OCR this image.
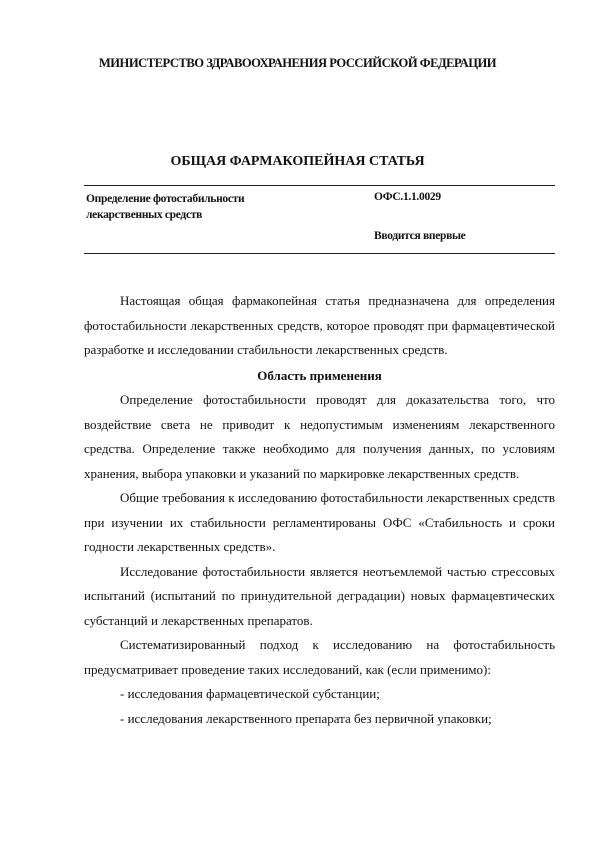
МИНИСТЕРСТВО ЗДРАВООХРАНЕНИЯ РОССИЙСКОЙ ФЕДЕРАЦИИ
ОБЩАЯ ФАРМАКОПЕЙНАЯ СТАТЬЯ
Определение фотостабильности
лекарственных средств
ОФС.1.1.0029
Вводится впервые

Настоящая общая фармакопейная статья предназначена для определения фотостабильности лекарственных средств, которое проводят при фармацевтической разработке и исследовании стабильности лекарственных средств.

Область применения

Определение фотостабильности проводят для доказательства того, что воздействие света не приводит к недопустимым изменениям лекарственного средства. Определение также необходимо для получения данных, по условиям хранения, выбора упаковки и указаний по маркировке лекарственных средств.

Общие требования к исследованию фотостабильности лекарственных средств при изучении их стабильности регламентированы ОФС «Стабильность и сроки годности лекарственных средств».

Исследование фотостабильности является неотъемлемой частью стрессовых испытаний (испытаний по принудительной деградации) новых фармацевтических субстанций и лекарственных препаратов.

Систематизированный подход к исследованию на фотостабильность предусматривает проведение таких исследований, как (если применимо):

- исследования фармацевтической субстанции;

- исследования лекарственного препарата без первичной упаковки;
